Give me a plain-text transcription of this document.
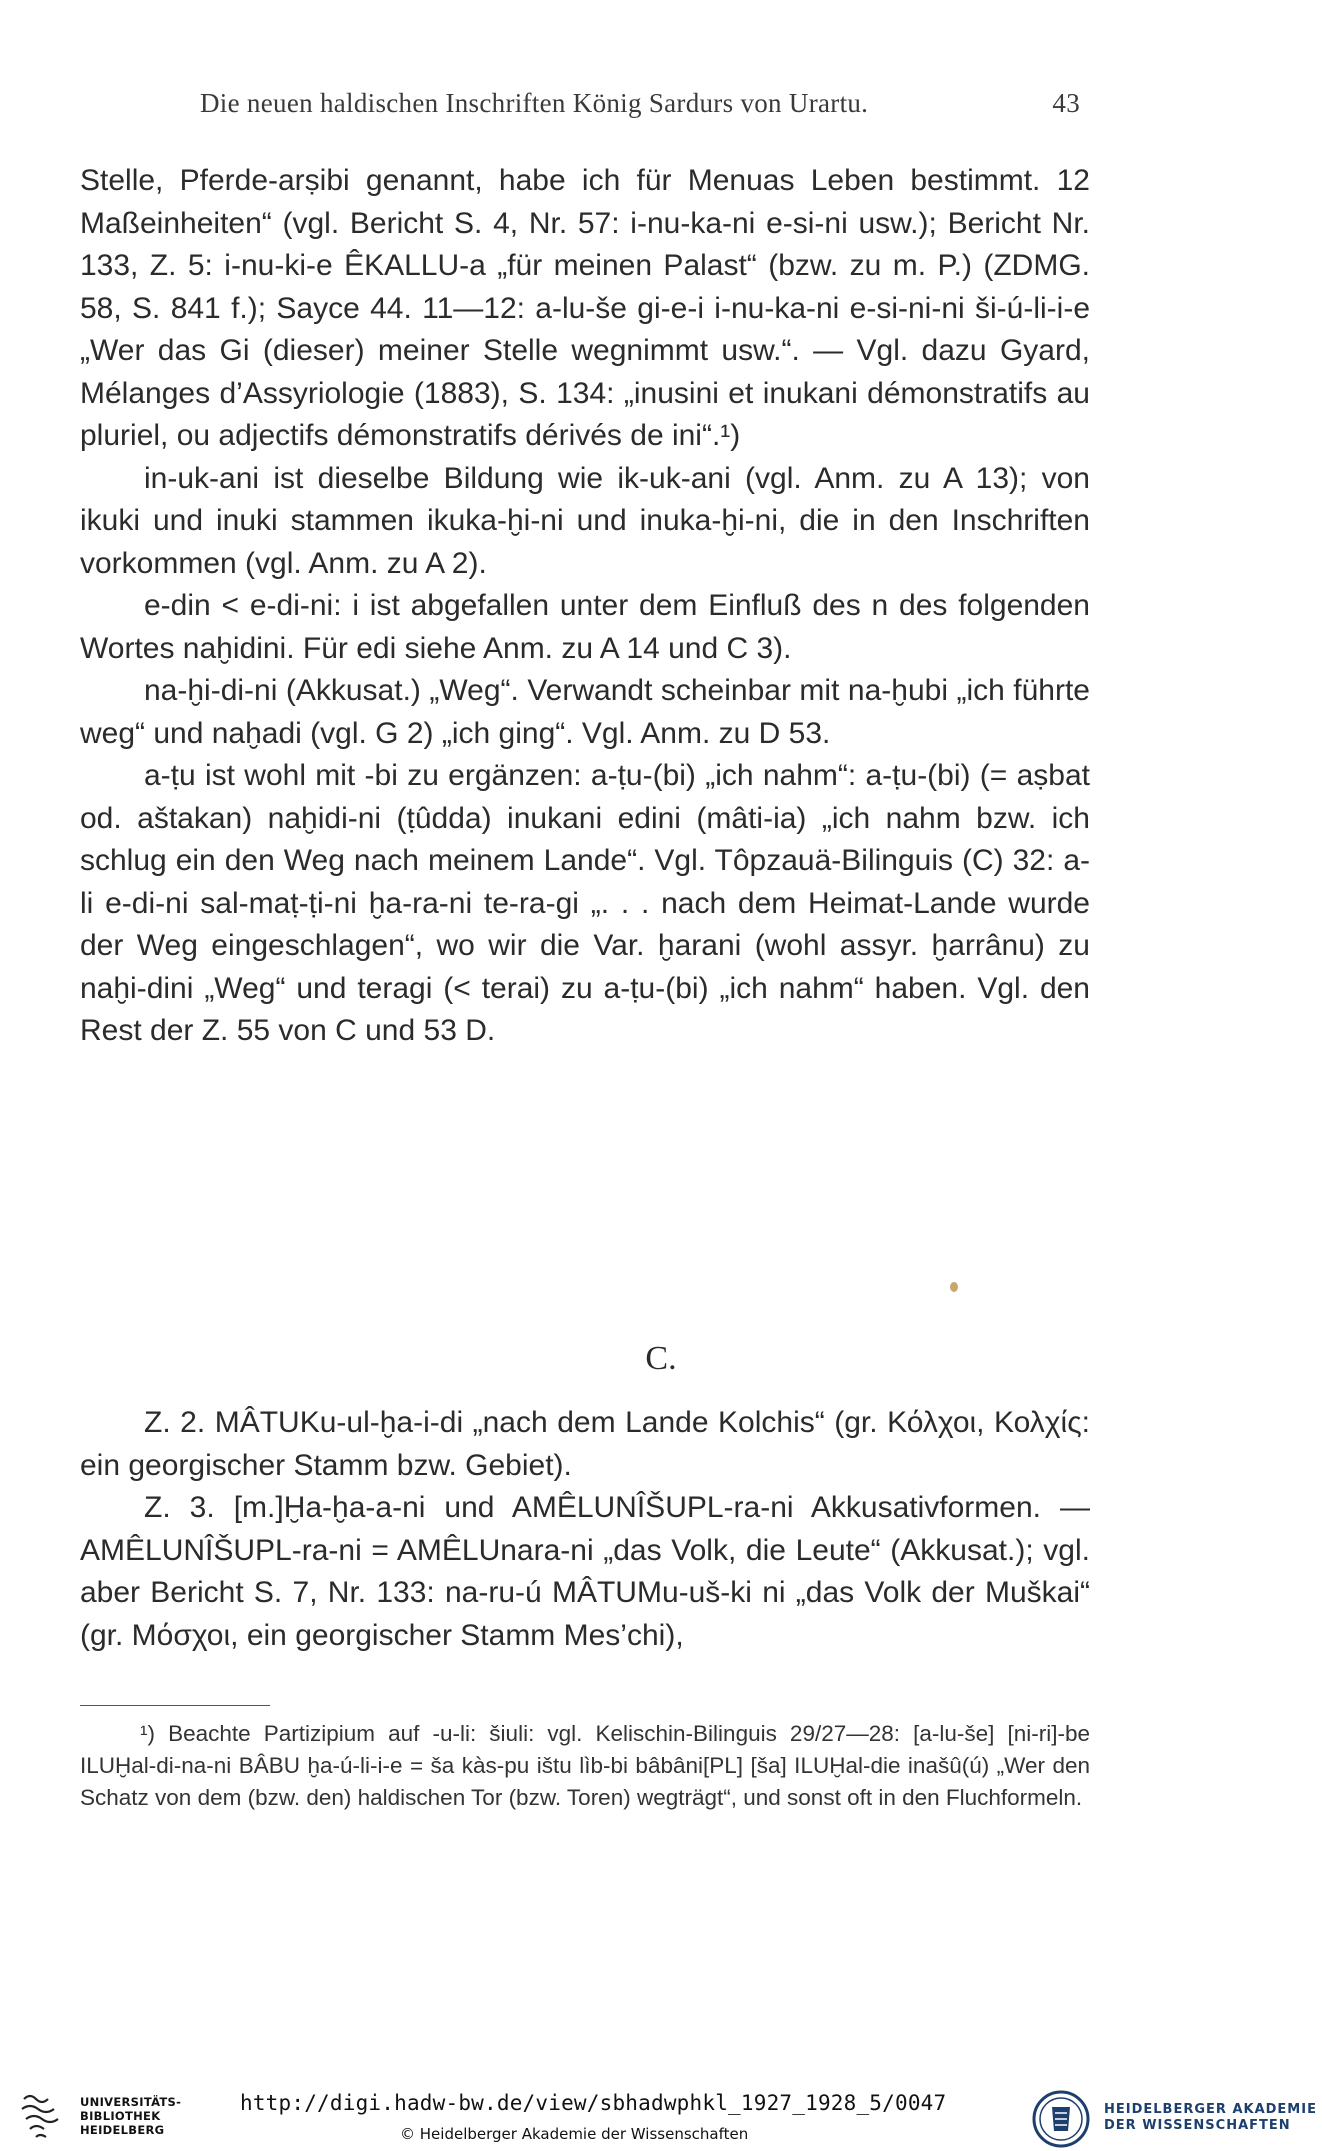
Die neuen haldischen Inschriften König Sardurs von Urartu.	43

Stelle, Pferde-arṣibi genannt, habe ich für Menuas Leben bestimmt. 12 Maßeinheiten“ (vgl. Bericht S. 4, Nr. 57: i-nu-ka-ni e-si-ni usw.); Bericht Nr. 133, Z. 5: i-nu-ki-e ÊKALLU-a „für meinen Palast“ (bzw. zu m. P.) (ZDMG. 58, S. 841 f.); Sayce 44. 11—12: a-lu-še gi-e-i i-nu-ka-ni e-si-ni-ni ši-ú-li-i-e „Wer das Gi (dieser) meiner Stelle wegnimmt usw.“. — Vgl. dazu Gyard, Mélanges d’Assyriologie (1883), S. 134: „inusini et inukani démonstratifs au pluriel, ou adjectifs démonstratifs dérivés de ini“.¹)

in-uk-ani ist dieselbe Bildung wie ik-uk-ani (vgl. Anm. zu A 13); von ikuki und inuki stammen ikuka-ḫi-ni und inuka-ḫi-ni, die in den Inschriften vorkommen (vgl. Anm. zu A 2).

e-din < e-di-ni: i ist abgefallen unter dem Einfluß des n des folgenden Wortes naḫidini. Für edi siehe Anm. zu A 14 und C 3).

na-ḫi-di-ni (Akkusat.) „Weg“. Verwandt scheinbar mit na-ḫubi „ich führte weg“ und naḫadi (vgl. G 2) „ich ging“. Vgl. Anm. zu D 53.

a-ṭu ist wohl mit -bi zu ergänzen: a-ṭu-(bi) „ich nahm“: a-ṭu-(bi) (= aṣbat od. aštakan) naḫidi-ni (ṭûdda) inukani edini (mâti-ia) „ich nahm bzw. ich schlug ein den Weg nach meinem Lande“. Vgl. Tôpzauä-Bilinguis (C) 32: a-li e-di-ni sal-maṭ-ṭi-ni ḫa-ra-ni te-ra-gi „. . . nach dem Heimat-Lande wurde der Weg eingeschlagen“, wo wir die Var. ḫarani (wohl assyr. ḫarrânu) zu naḫi-dini „Weg“ und teragi (< terai) zu a-ṭu-(bi) „ich nahm“ haben. Vgl. den Rest der Z. 55 von C und 53 D.

C.

Z. 2. MÂTUKu-ul-ḫa-i-di „nach dem Lande Kolchis“ (gr. Κόλχοι, Κολχίς: ein georgischer Stamm bzw. Gebiet).

Z. 3. [m.]Ḫa-ḫa-a-ni und AMÊLUNÎŠUPL-ra-ni Akkusativformen. — AMÊLUNÎŠUPL-ra-ni = AMÊLUnara-ni „das Volk, die Leute“ (Akkusat.); vgl. aber Bericht S. 7, Nr. 133: na-ru-ú MÂTUMu-uš-ki ni „das Volk der Muškai“ (gr. Μόσχοι, ein georgischer Stamm Mes’chi),

¹) Beachte Partizipium auf -u-li: šiuli: vgl. Kelischin-Bilinguis 29/27—28: [a-lu-še] [ni-ri]-be ILUḪal-di-na-ni BÂBU ḫa-ú-li-i-e = ša kàs-pu ištu lìb-bi bâbâni[PL] [ša] ILUḪal-die inašû(ú) „Wer den Schatz von dem (bzw. den) haldischen Tor (bzw. Toren) wegträgt“, und sonst oft in den Fluchformeln.
UNIVERSITÄTS-
BIBLIOTHEK
HEIDELBERG
http://digi.hadw-bw.de/view/sbhadwphkl_1927_1928_5/0047
© Heidelberger Akademie der Wissenschaften
HEIDELBERGER AKADEMIE
DER WISSENSCHAFTEN
